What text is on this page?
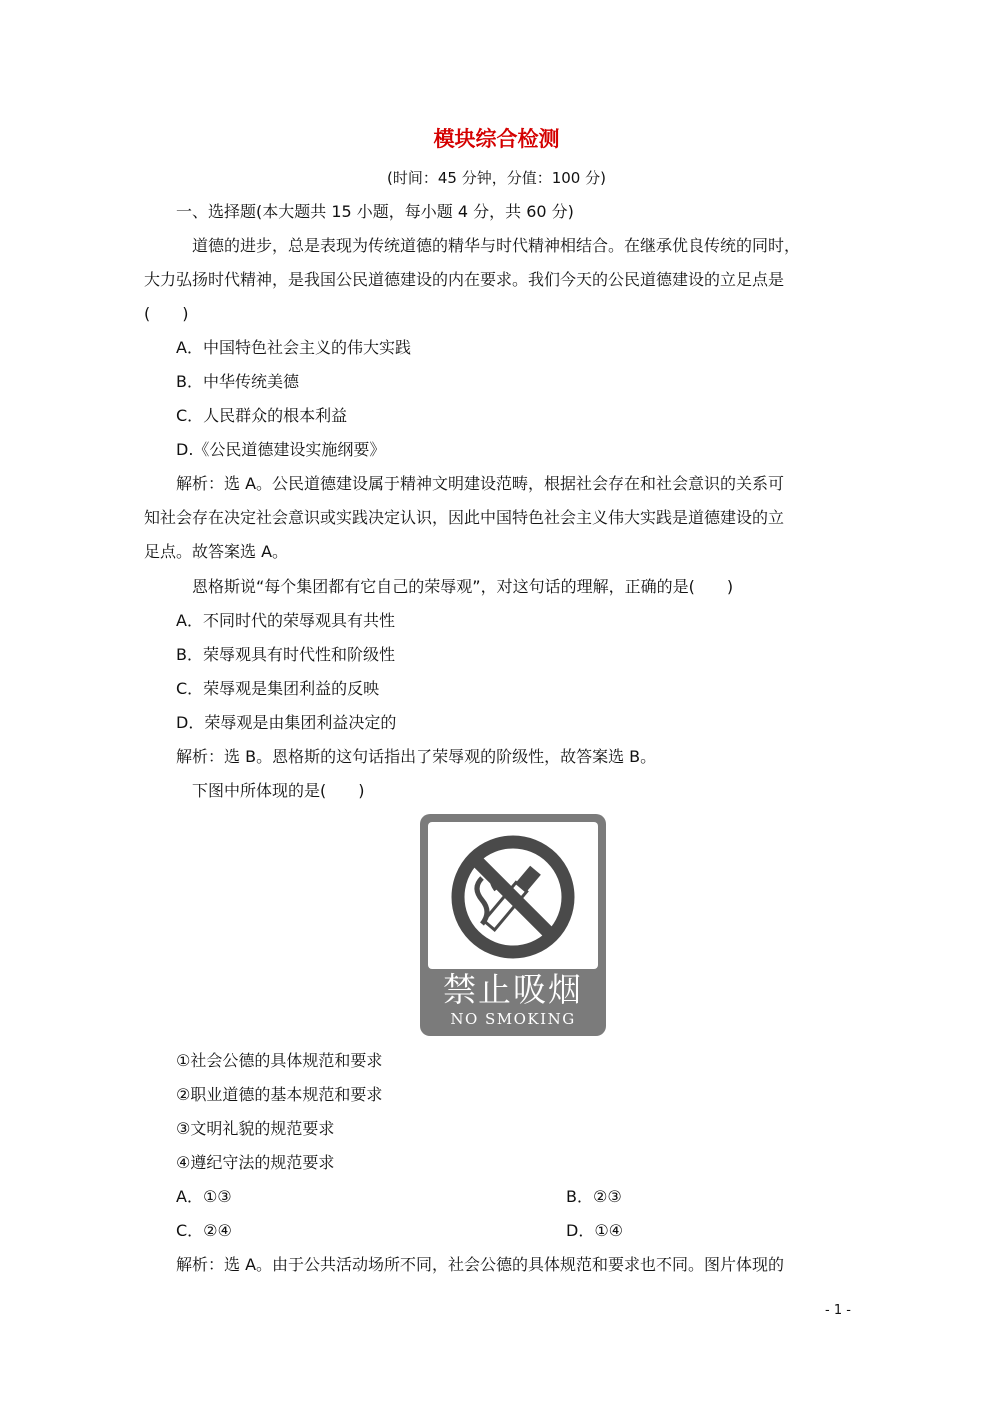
模块综合检测
(时间：45 分钟，分值：100 分)
一、选择题(本大题共 15 小题，每小题 4 分，共 60 分)
道德的进步，总是表现为传统道德的精华与时代精神相结合。在继承优良传统的同时，
大力弘扬时代精神，是我国公民道德建设的内在要求。我们今天的公民道德建设的立足点是
(　　)
A．中国特色社会主义的伟大实践
B．中华传统美德
C．人民群众的根本利益
D.《公民道德建设实施纲要》
解析：选 A。公民道德建设属于精神文明建设范畴，根据社会存在和社会意识的关系可
知社会存在决定社会意识或实践决定认识，因此中国特色社会主义伟大实践是道德建设的立
足点。故答案选 A。
恩格斯说“每个集团都有它自己的荣辱观”，对这句话的理解，正确的是(　　)
A．不同时代的荣辱观具有共性
B．荣辱观具有时代性和阶级性
C．荣辱观是集团利益的反映
D．荣辱观是由集团利益决定的
解析：选 B。恩格斯的这句话指出了荣辱观的阶级性，故答案选 B。
下图中所体现的是(　　)
禁止吸烟
NO SMOKING
①社会公德的具体规范和要求
②职业道德的基本规范和要求
③文明礼貌的规范要求
④遵纪守法的规范要求
A．①③	B．②③
C．②④	D．①④
解析：选 A。由于公共活动场所不同，社会公德的具体规范和要求也不同。图片体现的
- 1 -
